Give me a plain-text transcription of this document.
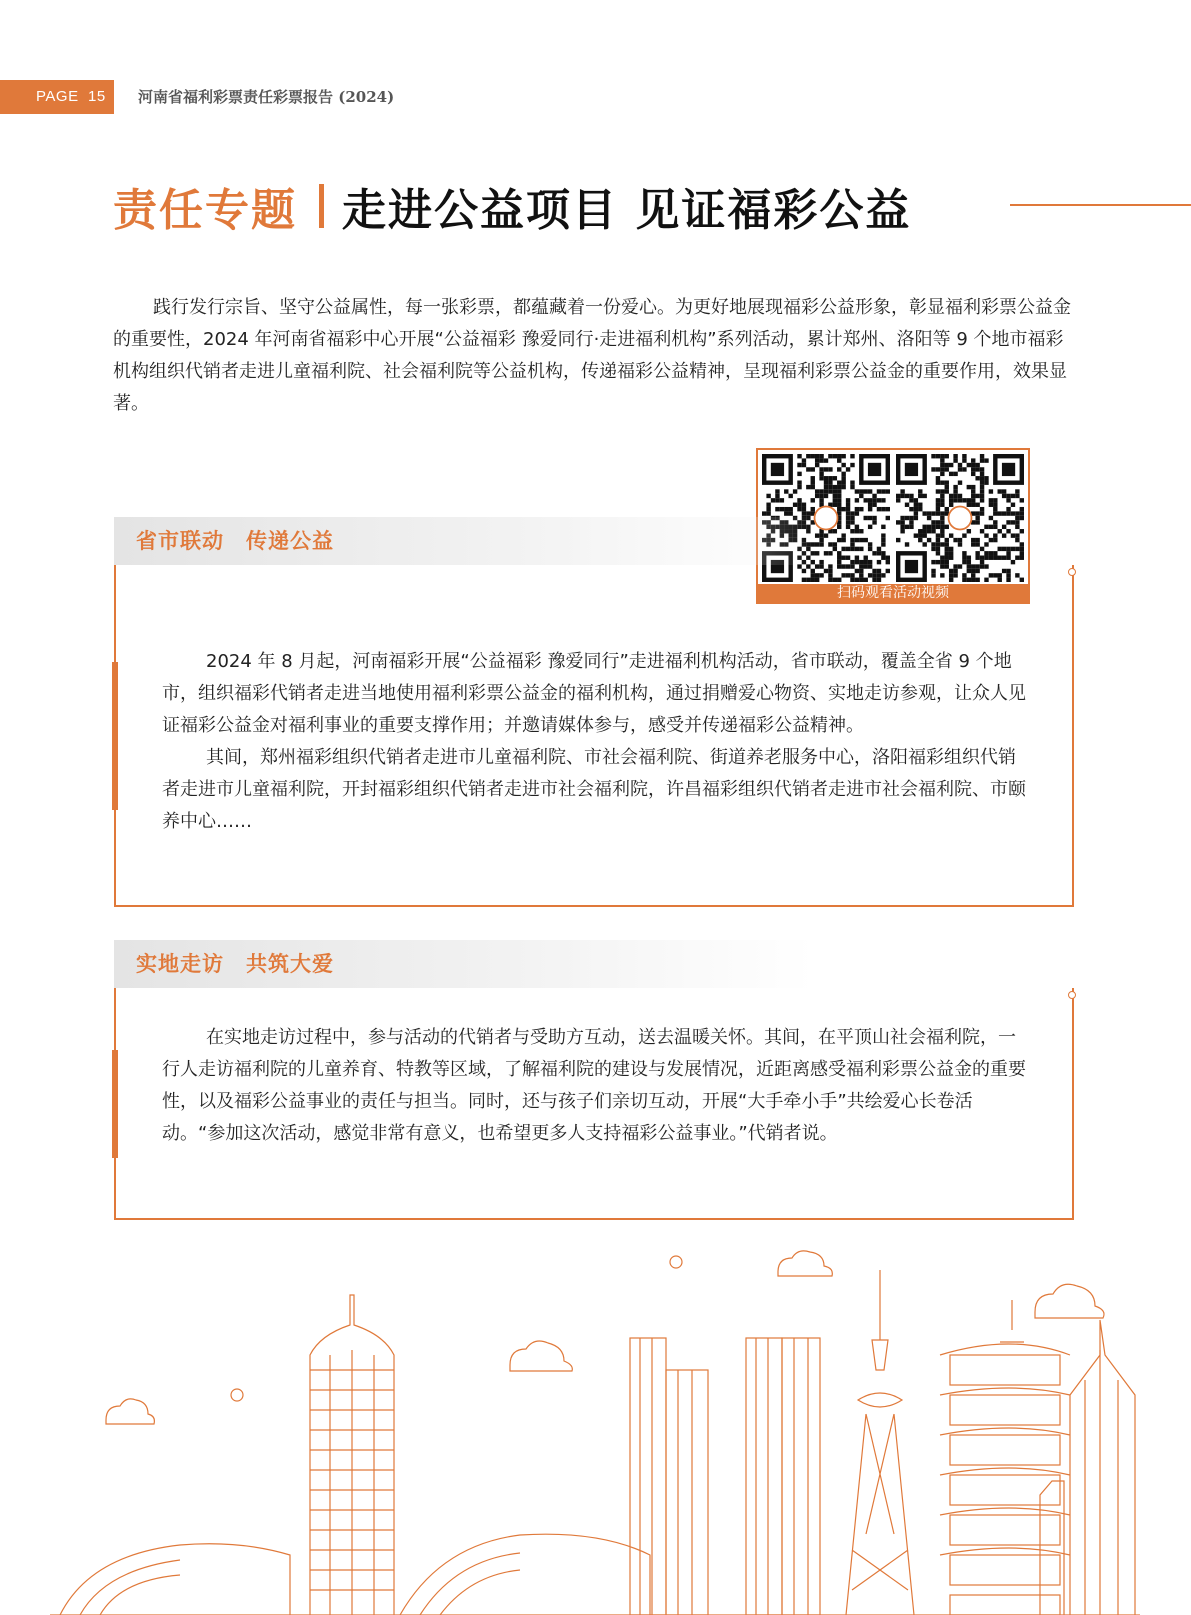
PAGE 15 河南省福利彩票责任彩票报告 (2024)
责任专题 走进公益项目 见证福彩公益

践行发行宗旨、坚守公益属性，每一张彩票，都蕴藏着一份爱心。为更好地展现福彩公益形象，彰显福利彩票公益金的重要性，2024 年河南省福彩中心开展“公益福彩 豫爱同行·走进福利机构”系列活动，累计郑州、洛阳等 9 个地市福彩机构组织代销者走进儿童福利院、社会福利院等公益机构，传递福彩公益精神，呈现福利彩票公益金的重要作用，效果显著。

扫码观看活动视频
省市联动　传递公益

2024 年 8 月起，河南福彩开展“公益福彩 豫爱同行”走进福利机构活动，省市联动，覆盖全省 9 个地市，组织福彩代销者走进当地使用福利彩票公益金的福利机构，通过捐赠爱心物资、实地走访参观，让众人见证福彩公益金对福利事业的重要支撑作用；并邀请媒体参与，感受并传递福彩公益精神。

其间，郑州福彩组织代销者走进市儿童福利院、市社会福利院、街道养老服务中心，洛阳福彩组织代销者走进市儿童福利院，开封福彩组织代销者走进市社会福利院，许昌福彩组织代销者走进市社会福利院、市颐养中心……

实地走访　共筑大爱

在实地走访过程中，参与活动的代销者与受助方互动，送去温暖关怀。其间，在平顶山社会福利院，一行人走访福利院的儿童养育、特教等区域，了解福利院的建设与发展情况，近距离感受福利彩票公益金的重要性，以及福彩公益事业的责任与担当。同时，还与孩子们亲切互动，开展“大手牵小手”共绘爱心长卷活动。“参加这次活动，感觉非常有意义，也希望更多人支持福彩公益事业。”代销者说。
